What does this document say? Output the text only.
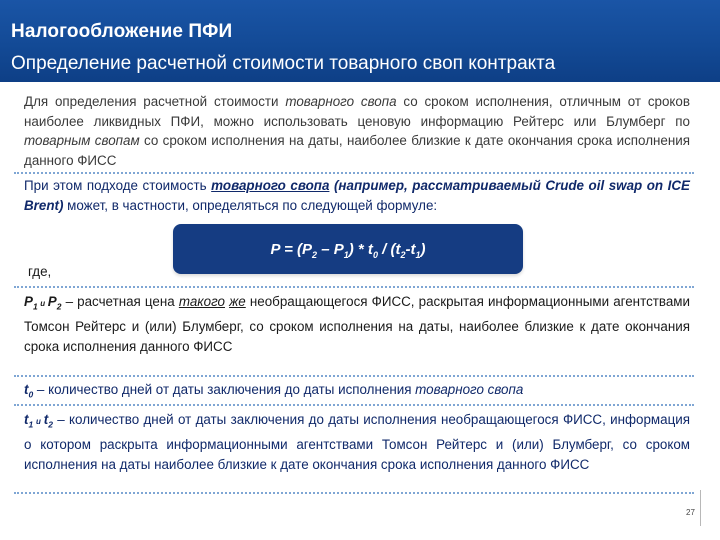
Налогообложение ПФИ
Определение расчетной стоимости товарного своп контракта
Для определения расчетной стоимости товарного свопа со сроком исполнения, отличным от сроков наиболее ликвидных ПФИ, можно использовать ценовую информацию Рейтерс или Блумберг по товарным свопам со сроком исполнения на даты, наиболее близкие к дате окончания срока исполнения данного ФИСС
При этом подходе стоимость товарного свопа (например, рассматриваемый Crude oil swap on ICE Brent) может, в частности, определяться по следующей формуле:
где,
$P = (P_2 - P_1) * t_0 / (t_2-t_1)$
$P_1$ и $P_2$ – расчетная цена такого же необращающегося ФИСС, раскрытая информационными агентствами Томсон Рейтерс и (или) Блумберг, со сроком исполнения на даты, наиболее близкие к дате окончания срока исполнения данного ФИСС
$t_0$ – количество дней от даты заключения до даты исполнения товарного свопа
$t_1$ и $t_2$ – количество дней от даты заключения до даты исполнения необращающегося ФИСС, информация о котором раскрыта информационными агентствами Томсон Рейтерс и (или) Блумберг, со сроком исполнения на даты наиболее близкие к дате окончания срока исполнения данного ФИСС
27
